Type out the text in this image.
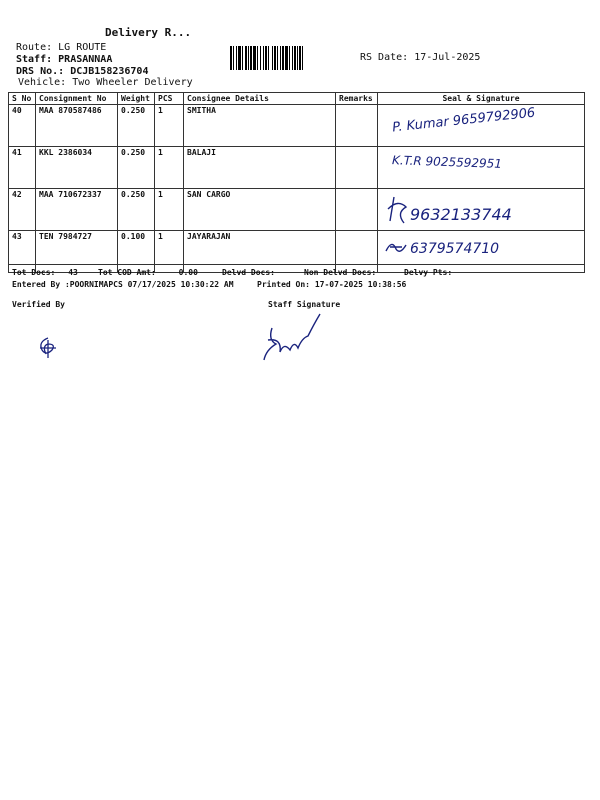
Delivery R...
Route: LG ROUTE
Staff: PRASANNAA
DRS No.: DCJB158236704
Vehicle: Two Wheeler Delivery
RS Date: 17-Jul-2025
S No	Consignment No	Weight	PCS	Consignee Details	Remarks	Seal & Signature
40	MAA 870587486	0.250	1	SMITHA		P. Kumar 9659792906

41	KKL 2386034	0.250	1	BALAJI		K.T.R 9025592951

42	MAA 710672337	0.250	1	SAN CARGO		9632133744

43	TEN 7984727	0.100	1	JAYARAJAN		6379574710
Tot Docs: 43	Tot COD Amt:	0.00	Delvd Docs:	Non Delvd Docs:	Delvy Pts:
Entered By :POORNIMAPCS 07/17/2025 10:30:22 AM	Printed On: 17-07-2025 10:38:56
Verified By	Staff Signature
